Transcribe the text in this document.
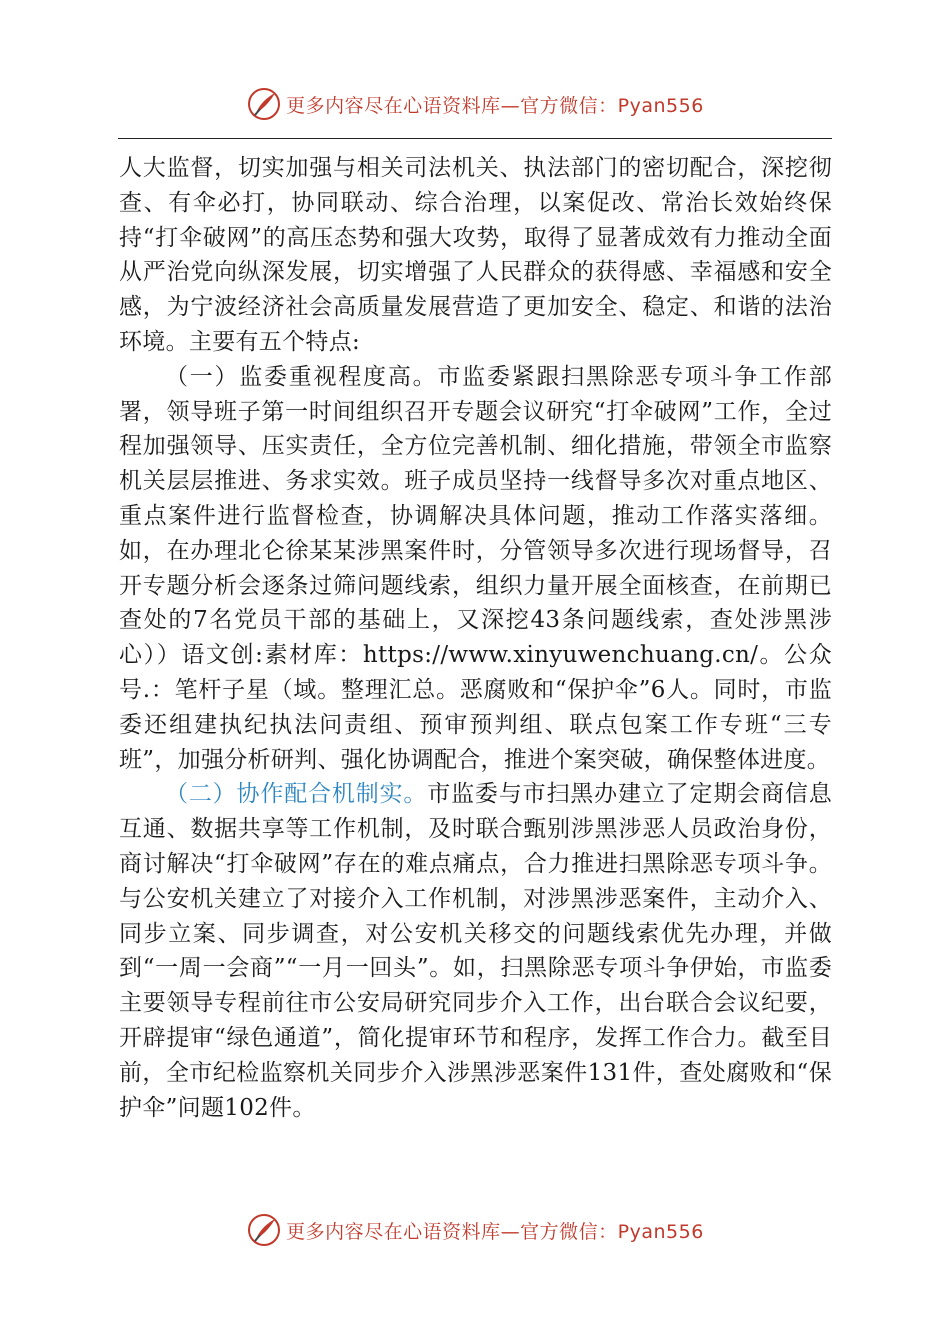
更多内容尽在心语资料库—官方微信：Pyan556

人大监督，切实加强与相关司法机关、执法部门的密切配合，深挖彻查、有伞必打，协同联动、综合治理，以案促改、常治长效始终保持“打伞破网”的高压态势和强大攻势，取得了显著成效有力推动全面从严治党向纵深发展，切实增强了人民群众的获得感、幸福感和安全感，为宁波经济社会高质量发展营造了更加安全、稳定、和谐的法治环境。主要有五个特点:

（一）监委重视程度高。市监委紧跟扫黑除恶专项斗争工作部署，领导班子第一时间组织召开专题会议研究“打伞破网”工作，全过程加强领导、压实责任，全方位完善机制、细化措施，带领全市监察机关层层推进、务求实效。班子成员坚持一线督导多次对重点地区、重点案件进行监督检查，协调解决具体问题，推动工作落实落细。如，在办理北仑徐某某涉黑案件时，分管领导多次进行现场督导，召开专题分析会逐条过筛问题线索，组织力量开展全面核查，在前期已查处的7名党员干部的基础上，又深挖43条问题线索，查处涉黑涉心））语文创:素材库：https://www.xinyuwenchuang.cn/。公众号.：笔杆子星（域。整理汇总。恶腐败和“保护伞”6人。同时，市监委还组建执纪执法问责组、预审预判组、联点包案工作专班“三专班”，加强分析研判、强化协调配合，推进个案突破，确保整体进度。

（二）协作配合机制实。市监委与市扫黑办建立了定期会商信息互通、数据共享等工作机制，及时联合甄别涉黑涉恶人员政治身份，商讨解决“打伞破网”存在的难点痛点，合力推进扫黑除恶专项斗争。与公安机关建立了对接介入工作机制，对涉黑涉恶案件，主动介入、同步立案、同步调查，对公安机关移交的问题线索优先办理，并做到“一周一会商”“一月一回头”。如，扫黑除恶专项斗争伊始，市监委主要领导专程前往市公安局研究同步介入工作，出台联合会议纪要，开辟提审“绿色通道”，简化提审环节和程序，发挥工作合力。截至目前，全市纪检监察机关同步介入涉黑涉恶案件131件，查处腐败和“保护伞”问题102件。

更多内容尽在心语资料库—官方微信：Pyan556
